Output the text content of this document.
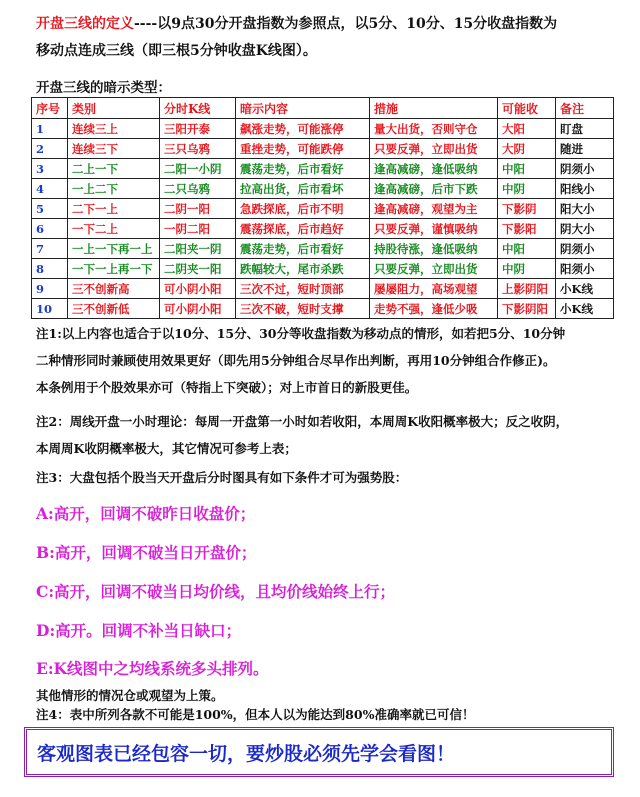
开盘三线的定义----以9点30分开盘指数为参照点，以5分、10分、15分收盘指数为
移动点连成三线（即三根5分钟收盘K线图）。
开盘三线的暗示类型：
序号	类别	分时K线	暗示内容	措施	可能收	备注
1	连续三上	三阳开泰	飙涨走势，可能涨停	量大出货，否则守仓	大阳	盯盘
2	连续三下	三只乌鸦	重挫走势，可能跌停	只要反弹，立即出货	大阴	随进
3	二上一下	二阳一小阴	震荡走势，后市看好	逢高减磅，逢低吸纳	中阳	阴须小
4	一上二下	二只乌鸦	拉高出货，后市看坏	逢高减磅，后市下跌	中阴	阳线小
5	二下一上	二阴一阳	急跌探底，后市不明	逢高减磅，观望为主	下影阴	阳大小
6	一下二上	一阴二阳	震荡探底，后市趋好	只要反弹，谨慎吸纳	下影阳	阴大小
7	一上一下再一上	二阳夹一阴	震荡走势，后市看好	持股待涨，逢低吸纳	中阳	阴须小
8	一下一上再一下	二阴夹一阳	跌幅较大，尾市杀跌	只要反弹，立即出货	中阴	阳须小
9	三不创新高	可小阴小阳	三次不过，短时顶部	屡屡阻力，高场观望	上影阴阳	小K线
10	三不创新低	可小阴小阳	三次不破，短时支撑	走势不强，逢低少吸	下影阴阳	小K线

注1:以上内容也适合于以10分、15分、30分等收盘指数为移动点的情形，如若把5分、10分钟

二种情形同时兼顾使用效果更好（即先用5分钟组合尽早作出判断，再用10分钟组合作修正)。

本条例用于个股效果亦可（特指上下突破）；对上市首日的新股更佳。

注2：周线开盘一小时理论：每周一开盘第一小时如若收阳，本周周K收阳概率极大；反之收阴，

本周周K收阴概率极大，其它情况可参考上表；

注3：大盘包括个股当天开盘后分时图具有如下条件才可为强势股：

A:高开，回调不破昨日收盘价；
B:高开，回调不破当日开盘价；
C:高开，回调不破当日均价线，且均价线始终上行；
D:高开。回调不补当日缺口；
E:K线图中之均线系统多头排列。
其他情形的情况仓或观望为上策。
注4：表中所列各款不可能是100%，但本人以为能达到80%准确率就已可信！
客观图表已经包容一切，要炒股必须先学会看图！
